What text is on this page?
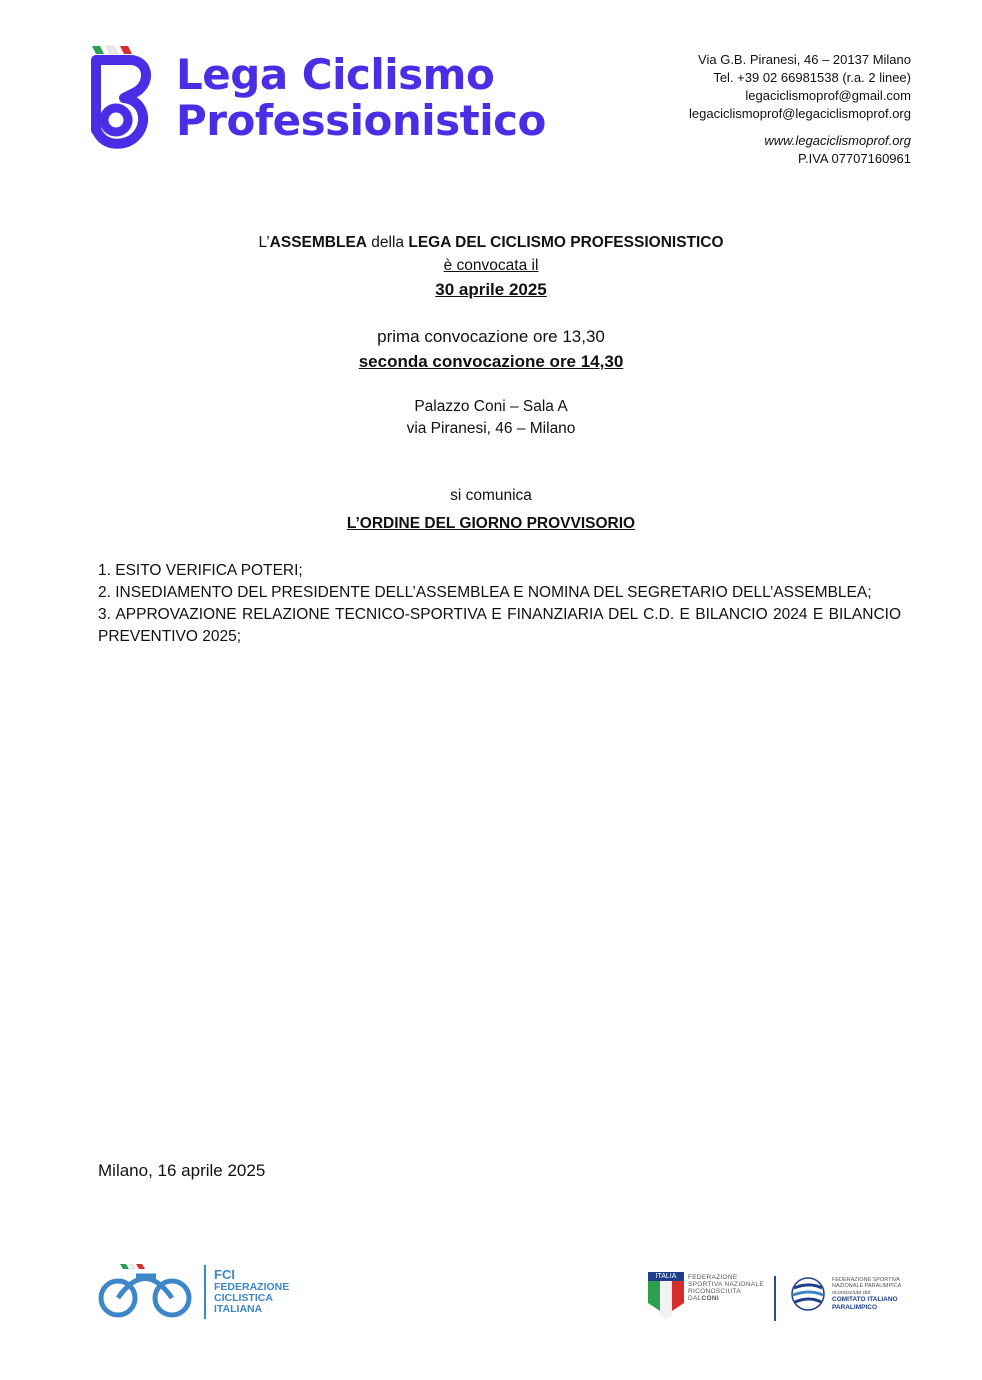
Lega Ciclismo
Professionistico
Via G.B. Piranesi, 46 – 20137 Milano
Tel. +39 02 66981538 (r.a. 2 linee)
legaciclismoprof@gmail.com
legaciclismoprof@legaciclismoprof.org
www.legaciclismoprof.org
P.IVA 07707160961
L’ASSEMBLEA della LEGA DEL CICLISMO PROFESSIONISTICO
è convocata il
30 aprile 2025
prima convocazione ore 13,30
seconda convocazione ore 14,30
Palazzo Coni – Sala A
via Piranesi, 46 – Milano
si comunica
L’ORDINE DEL GIORNO PROVVISORIO

1. ESITO VERIFICA POTERI;

2. INSEDIAMENTO DEL PRESIDENTE DELL’ASSEMBLEA E NOMINA DEL SEGRETARIO DELL’ASSEMBLEA;

3. APPROVAZIONE RELAZIONE TECNICO-SPORTIVA E FINANZIARIA DEL C.D. E BILANCIO 2024 E BILANCIO PREVENTIVO 2025;

Milano, 16 aprile 2025
FCI
FEDERAZIONE
CICLISTICA
ITALIANA
ITALIA	FEDERAZIONE
SPORTIVA NAZIONALE
RICONOSCIUTA
DALCONI
FEDERAZIONE SPORTIVA
NAZIONALE PARALIMPICA
riconosciuta dal
COMITATO ITALIANO
PARALIMPICO
